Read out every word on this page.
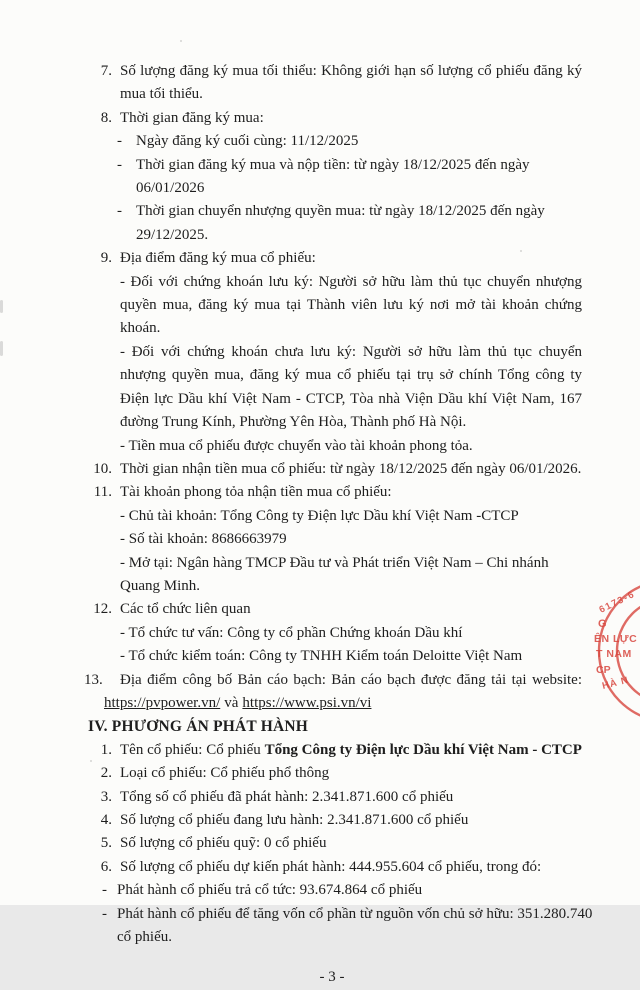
7. Số lượng đăng ký mua tối thiểu: Không giới hạn số lượng cổ phiếu đăng ký mua tối thiểu.
8. Thời gian đăng ký mua:
- Ngày đăng ký cuối cùng: 11/12/2025
- Thời gian đăng ký mua và nộp tiền: từ ngày 18/12/2025 đến ngày 06/01/2026
- Thời gian chuyển nhượng quyền mua: từ ngày 18/12/2025 đến ngày 29/12/2025.
9. Địa điểm đăng ký mua cổ phiếu:
- Đối với chứng khoán lưu ký: Người sở hữu làm thủ tục chuyển nhượng quyền mua, đăng ký mua tại Thành viên lưu ký nơi mở tài khoản chứng khoán.
- Đối với chứng khoán chưa lưu ký: Người sở hữu làm thủ tục chuyển nhượng quyền mua, đăng ký mua cổ phiếu tại trụ sở chính Tổng công ty Điện lực Dầu khí Việt Nam - CTCP, Tòa nhà Viện Dầu khí Việt Nam, 167 đường Trung Kính, Phường Yên Hòa, Thành phố Hà Nội.
- Tiền mua cổ phiếu được chuyển vào tài khoản phong tỏa.
10. Thời gian nhận tiền mua cổ phiếu: từ ngày 18/12/2025 đến ngày 06/01/2026.
11. Tài khoản phong tỏa nhận tiền mua cổ phiếu:
- Chủ tài khoản: Tổng Công ty Điện lực Dầu khí Việt Nam -CTCP
- Số tài khoản: 8686663979
- Mở tại: Ngân hàng TMCP Đầu tư và Phát triển Việt Nam – Chi nhánh Quang Minh.
12. Các tổ chức liên quan
- Tổ chức tư vấn: Công ty cổ phần Chứng khoán Dầu khí
- Tổ chức kiểm toán: Công ty TNHH Kiểm toán Deloitte Việt Nam
13.	Địa điểm công bố Bản cáo bạch: Bản cáo bạch được đăng tải tại website:
https://pvpower.vn/ và https://www.psi.vn/vi
IV. PHƯƠNG ÁN PHÁT HÀNH
1. Tên cổ phiếu: Cổ phiếu Tổng Công ty Điện lực Dầu khí Việt Nam - CTCP
2. Loại cổ phiếu: Cổ phiếu phổ thông
3. Tổng số cổ phiếu đã phát hành: 2.341.871.600 cổ phiếu
4. Số lượng cổ phiếu đang lưu hành: 2.341.871.600 cổ phiếu
5. Số lượng cổ phiếu quỹ: 0 cổ phiếu
6. Số lượng cổ phiếu dự kiến phát hành: 444.955.604 cổ phiếu, trong đó:
- Phát hành cổ phiếu trả cổ tức: 93.674.864 cổ phiếu
- Phát hành cổ phiếu để tăng vốn cổ phần từ nguồn vốn chủ sở hữu: 351.280.740 cổ phiếu.
- 3 -
6173-6
G
ÊN LỰC
T NAM
CP
HÀ N
